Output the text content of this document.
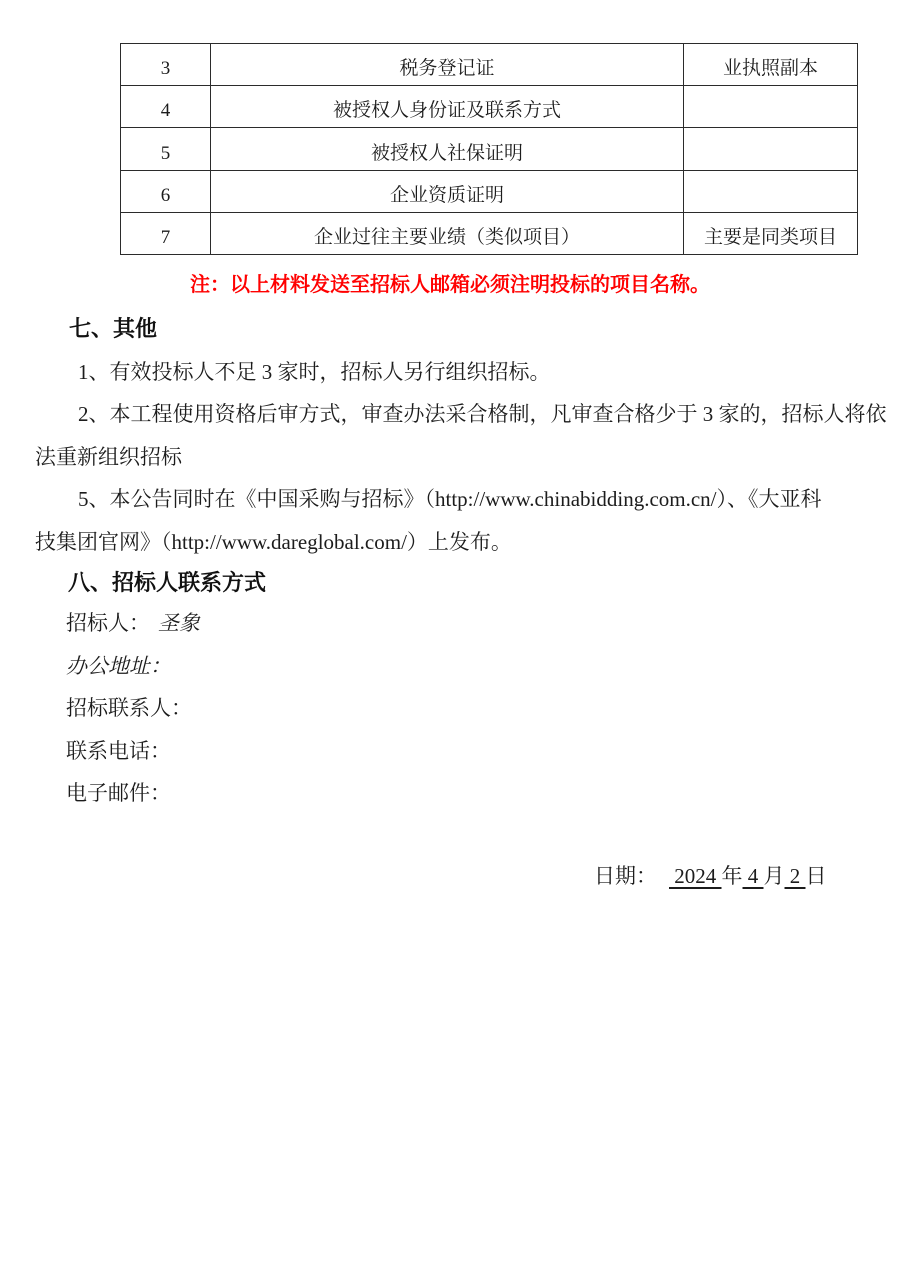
3	税务登记证	业执照副本
4	被授权人身份证及联系方式	
5	被授权人社保证明	
6	企业资质证明	
7	企业过往主要业绩（类似项目）	主要是同类项目
注：以上材料发送至招标人邮箱必须注明投标的项目名称。
七、其他
1、有效投标人不足 3 家时，招标人另行组织招标。
2、本工程使用资格后审方式，审查办法采合格制，凡审查合格少于 3 家的，招标人将依
法重新组织招标
5、本公告同时在《中国采购与招标》（http://www.chinabidding.com.cn/）、《大亚科
技集团官网》（http://www.dareglobal.com/）上发布。
八、招标人联系方式
招标人： 圣象
办公地址：
招标联系人：
联系电话：
电子邮件：

日期： 2024 年 4 月 2 日
